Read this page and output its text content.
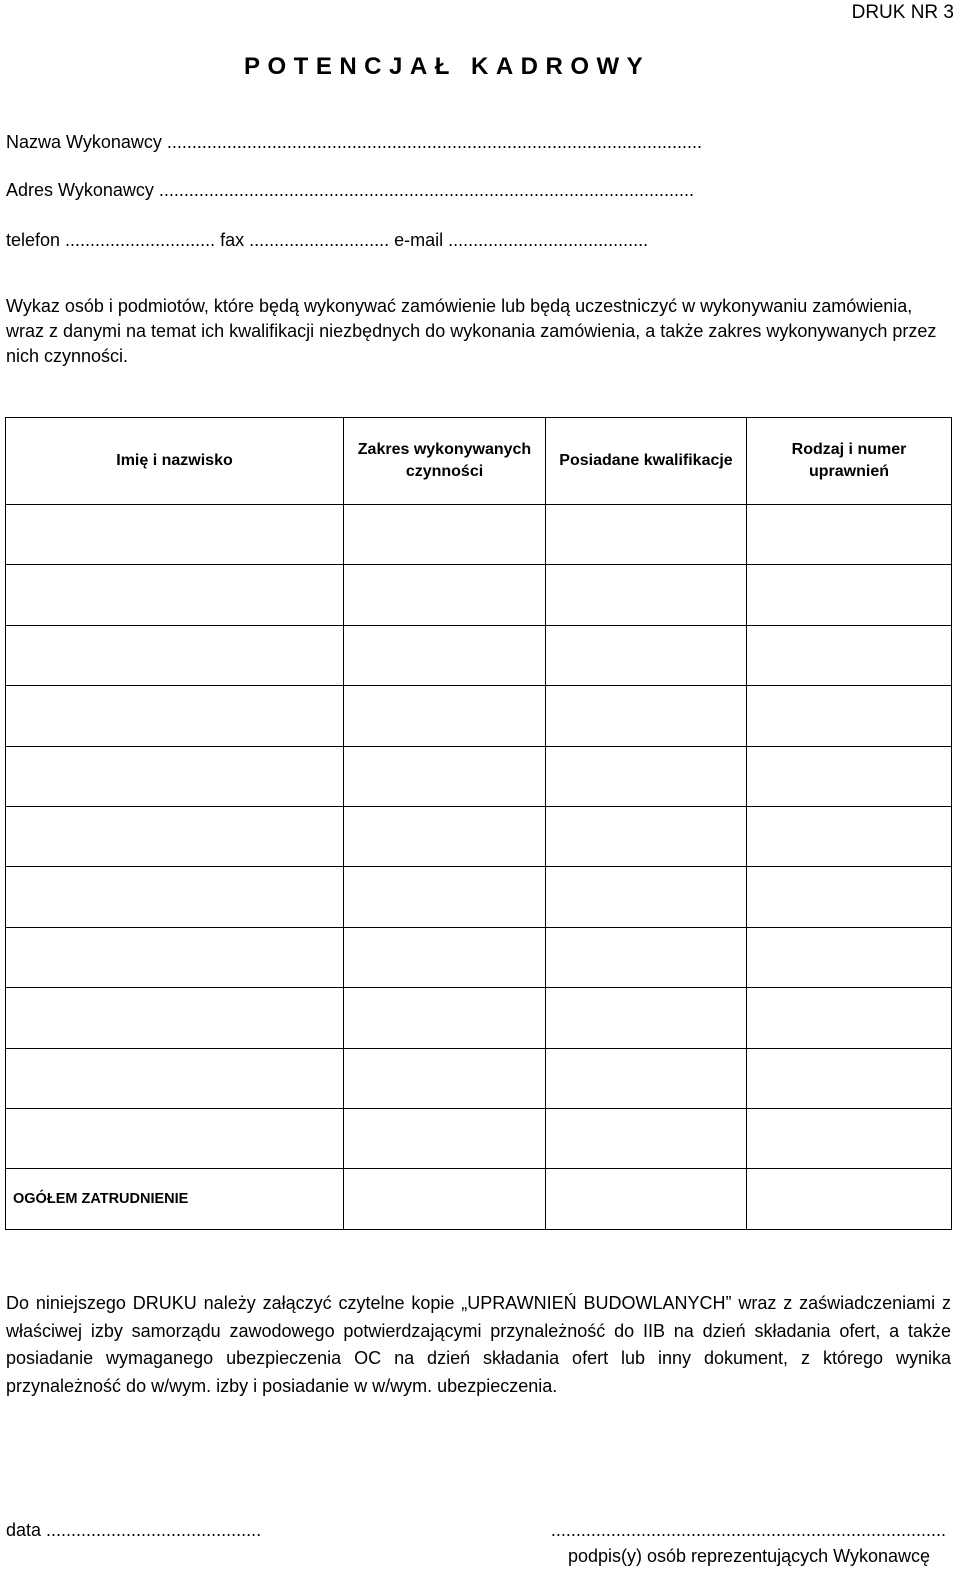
DRUK NR 3
POTENCJAŁ KADROWY
Nazwa Wykonawcy ...........................................................................................................
Adres Wykonawcy ...........................................................................................................
telefon .............................. fax ............................ e-mail ........................................
Wykaz osób i podmiotów, które będą wykonywać zamówienie lub będą uczestniczyć w wykonywaniu zamówienia, wraz z danymi na temat ich kwalifikacji niezbędnych do wykonania zamówienia, a także zakres wykonywanych przez nich czynności.
Imię i nazwisko	Zakres wykonywanych czynności	Posiadane kwalifikacje	Rodzaj i numer uprawnień

OGÓŁEM ZATRUDNIENIE			
Do niniejszego DRUKU należy załączyć czytelne kopie „UPRAWNIEŃ BUDOWLANYCH” wraz z zaświadczeniami z właściwej izby samorządu zawodowego potwierdzającymi przynależność do IIB na dzień składania ofert, a także posiadanie wymaganego ubezpieczenia OC na dzień składania ofert lub inny dokument, z którego wynika przynależność do w/wym. izby i posiadanie w w/wym. ubezpieczenia.
data ...........................................	...............................................................................
podpis(y) osób reprezentujących Wykonawcę
